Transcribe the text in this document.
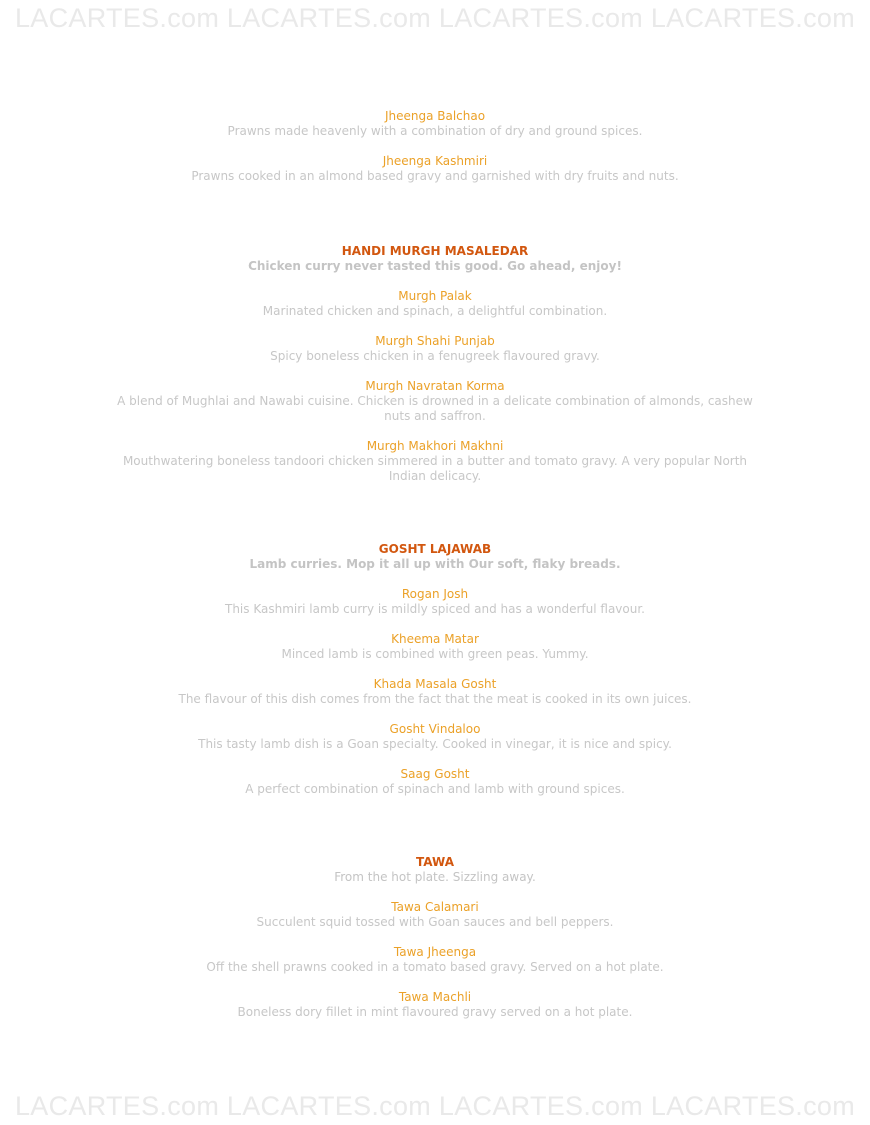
LACARTES.com LACARTES.com LACARTES.com LACARTES.com
Jheenga Balchao
Prawns made heavenly with a combination of dry and ground spices.
Jheenga Kashmiri
Prawns cooked in an almond based gravy and garnished with dry fruits and nuts.
HANDI MURGH MASALEDAR
Chicken curry never tasted this good. Go ahead, enjoy!
Murgh Palak
Marinated chicken and spinach, a delightful combination.
Murgh Shahi Punjab
Spicy boneless chicken in a fenugreek flavoured gravy.
Murgh Navratan Korma
A blend of Mughlai and Nawabi cuisine. Chicken is drowned in a delicate combination of almonds, cashew nuts and saffron.
Murgh Makhori Makhni
Mouthwatering boneless tandoori chicken simmered in a butter and tomato gravy. A very popular North Indian delicacy.
GOSHT LAJAWAB
Lamb curries. Mop it all up with Our soft, flaky breads.
Rogan Josh
This Kashmiri lamb curry is mildly spiced and has a wonderful flavour.
Kheema Matar
Minced lamb is combined with green peas. Yummy.
Khada Masala Gosht
The flavour of this dish comes from the fact that the meat is cooked in its own juices.
Gosht Vindaloo
This tasty lamb dish is a Goan specialty. Cooked in vinegar, it is nice and spicy.
Saag Gosht
A perfect combination of spinach and lamb with ground spices.
TAWA
From the hot plate. Sizzling away.
Tawa Calamari
Succulent squid tossed with Goan sauces and bell peppers.
Tawa Jheenga
Off the shell prawns cooked in a tomato based gravy. Served on a hot plate.
Tawa Machli
Boneless dory fillet in mint flavoured gravy served on a hot plate.
LACARTES.com LACARTES.com LACARTES.com LACARTES.com
